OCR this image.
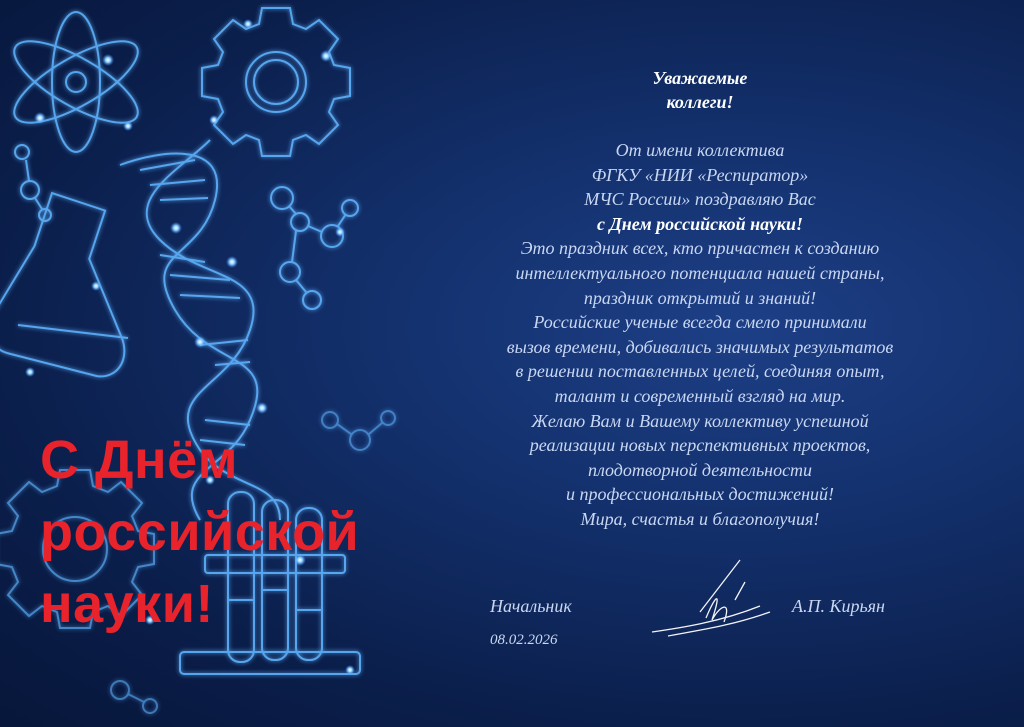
С Днём
российской
науки!
Уважаемые
коллеги!
От имени коллектива
ФГКУ «НИИ «Респиратор»
МЧС России» поздравляю Вас
с Днем российской науки!
Это праздник всех, кто причастен к созданию
интеллектуального потенциала нашей страны,
праздник открытий и знаний!
Российские ученые всегда смело принимали
вызов времени, добивались значимых результатов
в решении поставленных целей, соединяя опыт,
талант и современный взгляд на мир.
Желаю Вам и Вашему коллективу успешной
реализации новых перспективных проектов,
плодотворной деятельности
и профессиональных достижений!
Мира, счастья и благополучия!
Начальник	А.П. Кирьян
08.02.2026
